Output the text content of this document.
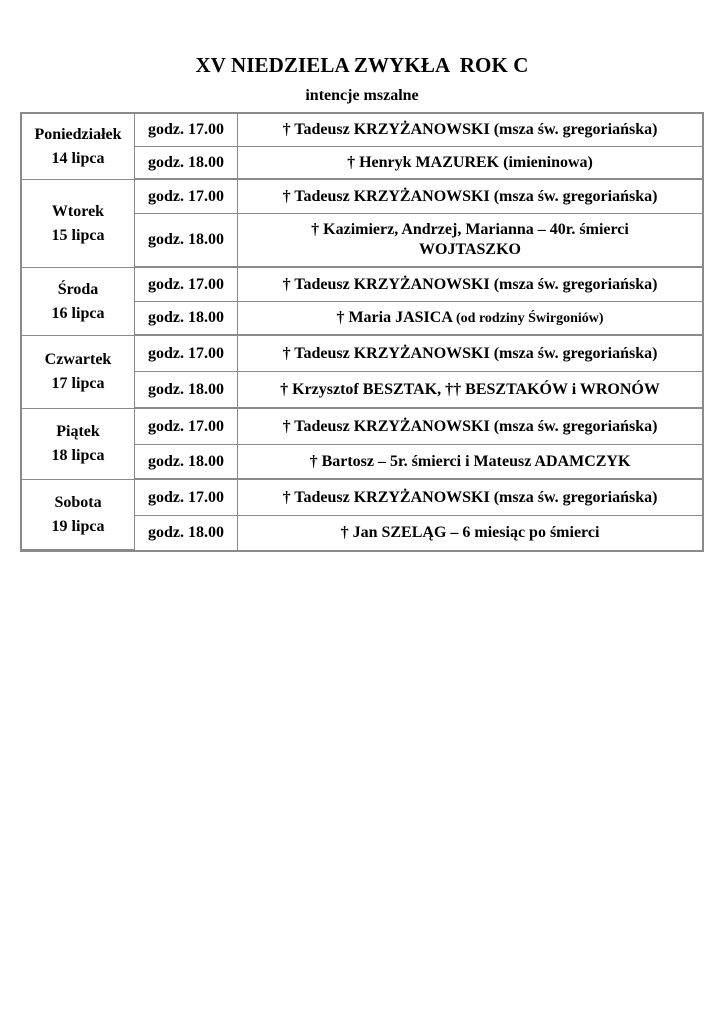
XV NIEDZIELA ZWYKŁA  ROK C
intencje mszalne
Poniedziałek
14 lipca	godz. 17.00	† Tadeusz KRZYŻANOWSKI (msza św. gregoriańska)
	godz. 18.00	† Henryk MAZUREK (imieninowa)

Wtorek
15 lipca	godz. 17.00	† Tadeusz KRZYŻANOWSKI (msza św. gregoriańska)
	godz. 18.00	† Kazimierz, Andrzej, Marianna – 40r. śmierci WOJTASZKO

Środa
16 lipca	godz. 17.00	† Tadeusz KRZYŻANOWSKI (msza św. gregoriańska)
	godz. 18.00	† Maria JASICA (od rodziny Świrgoniów)

Czwartek
17 lipca	godz. 17.00	† Tadeusz KRZYŻANOWSKI (msza św. gregoriańska)
	godz. 18.00	† Krzysztof BESZTAK, †† BESZTAKÓW i WRONÓW

Piątek
18 lipca	godz. 17.00	† Tadeusz KRZYŻANOWSKI (msza św. gregoriańska)
	godz. 18.00	† Bartosz – 5r. śmierci i Mateusz ADAMCZYK

Sobota
19 lipca	godz. 17.00	† Tadeusz KRZYŻANOWSKI (msza św. gregoriańska)
	godz. 18.00	† Jan SZELĄG – 6 miesiąc po śmierci
